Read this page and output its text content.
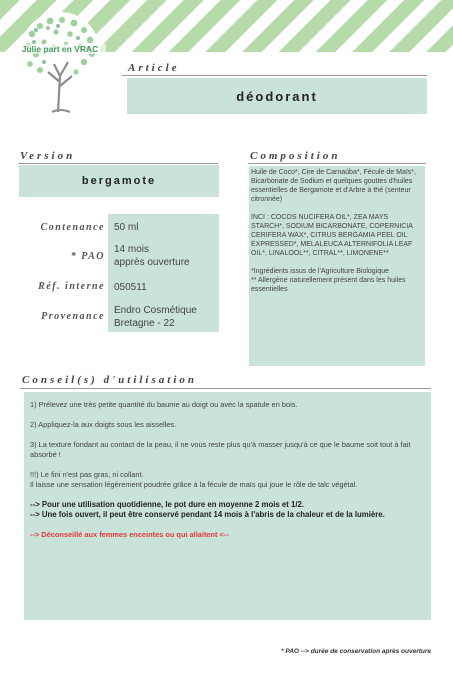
Julie part en VRAC
Article
déodorant
Version
bergamote
Contenance
* PAO
Réf. interne
Provenance
50 ml
14 mois
apprès ouverture
050511
Endro Cosmétique
Bretagne - 22
Composition

Huile de Coco*, Cire de Carnaúba*, Fécule de Maïs*, Bicarbonate de Sodium et quelques gouttes d'huiles essentielles de Bergamote et d'Arbre à thé (senteur citronnée)

INCI : COCOS NUCIFERA OIL*, ZEA MAYS STARCH*, SODIUM BICARBONATE, COPERNICIA CERIFERA WAX*, CITRUS BERGAMIA PEEL OIL EXPRESSED*, MELALEUCA ALTERNIFOLIA LEAF OIL*, LINALOOL**, CITRAL**, LIMONENE**

*Ingrédients issus de l'Agriculture Biologique
** Allergène naturellement présent dans les huiles essentielles

Conseil(s) d'utilisation

1) Prélevez une très petite quantité du baume au doigt ou avec la spatule en bois.

2) Appliquez-la aux doigts sous les aisselles.

3) La texture fondant au contact de la peau, il ne vous reste plus qu'à masser jusqu'à ce que le baume soit tout à fait absorbé !

!!!) Le fini n'est pas gras, ni collant.
Il laisse une sensation légèrement poudrée grâce à la fécule de maïs qui joue le rôle de talc végétal.

--> Pour une utilisation quotidienne, le pot dure en moyenne 2 mois et 1/2.

--> Une fois ouvert, il peut être conservé pendant 14 mois à l'abris de la chaleur et de la lumière.

--> Déconseillé aux femmes enceintes ou qui allaitent <--

* PAO --> durée de conservation après ouverture
